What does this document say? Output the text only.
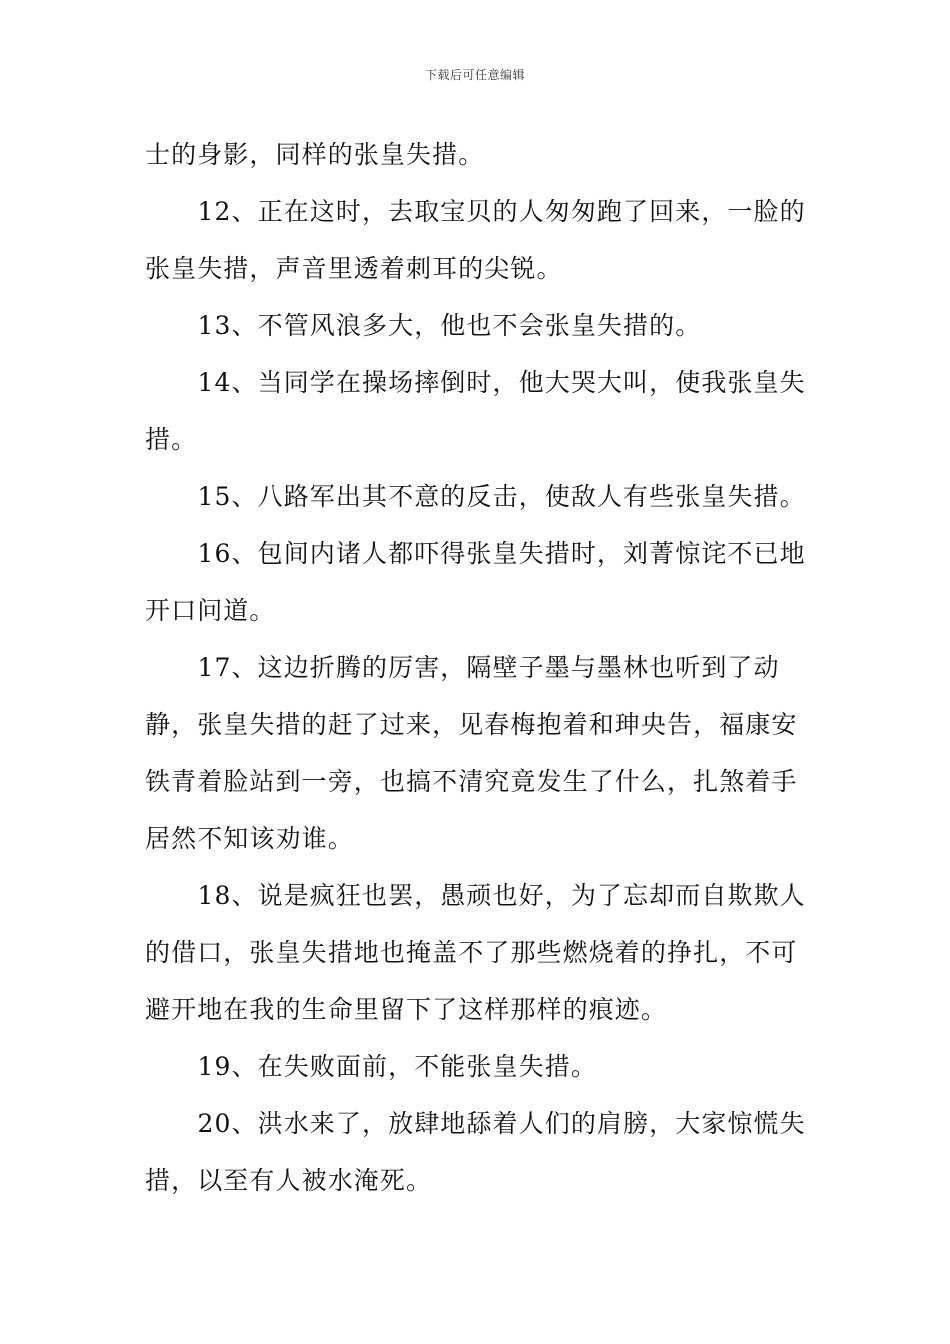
下载后可任意编辑

士的身影，同样的张皇失措。

12、正在这时，去取宝贝的人匆匆跑了回来，一脸的张皇失措，声音里透着刺耳的尖锐。

13、不管风浪多大，他也不会张皇失措的。

14、当同学在操场摔倒时，他大哭大叫，使我张皇失措。

15、八路军出其不意的反击，使敌人有些张皇失措。

16、包间内诸人都吓得张皇失措时，刘菁惊诧不已地开口问道。

17、这边折腾的厉害，隔壁子墨与墨林也听到了动静，张皇失措的赶了过来，见春梅抱着和珅央告，福康安铁青着脸站到一旁，也搞不清究竟发生了什么，扎煞着手居然不知该劝谁。

18、说是疯狂也罢，愚顽也好，为了忘却而自欺欺人的借口，张皇失措地也掩盖不了那些燃烧着的挣扎，不可避开地在我的生命里留下了这样那样的痕迹。

19、在失败面前，不能张皇失措。

20、洪水来了，放肆地舔着人们的肩膀，大家惊慌失措，以至有人被水淹死。
